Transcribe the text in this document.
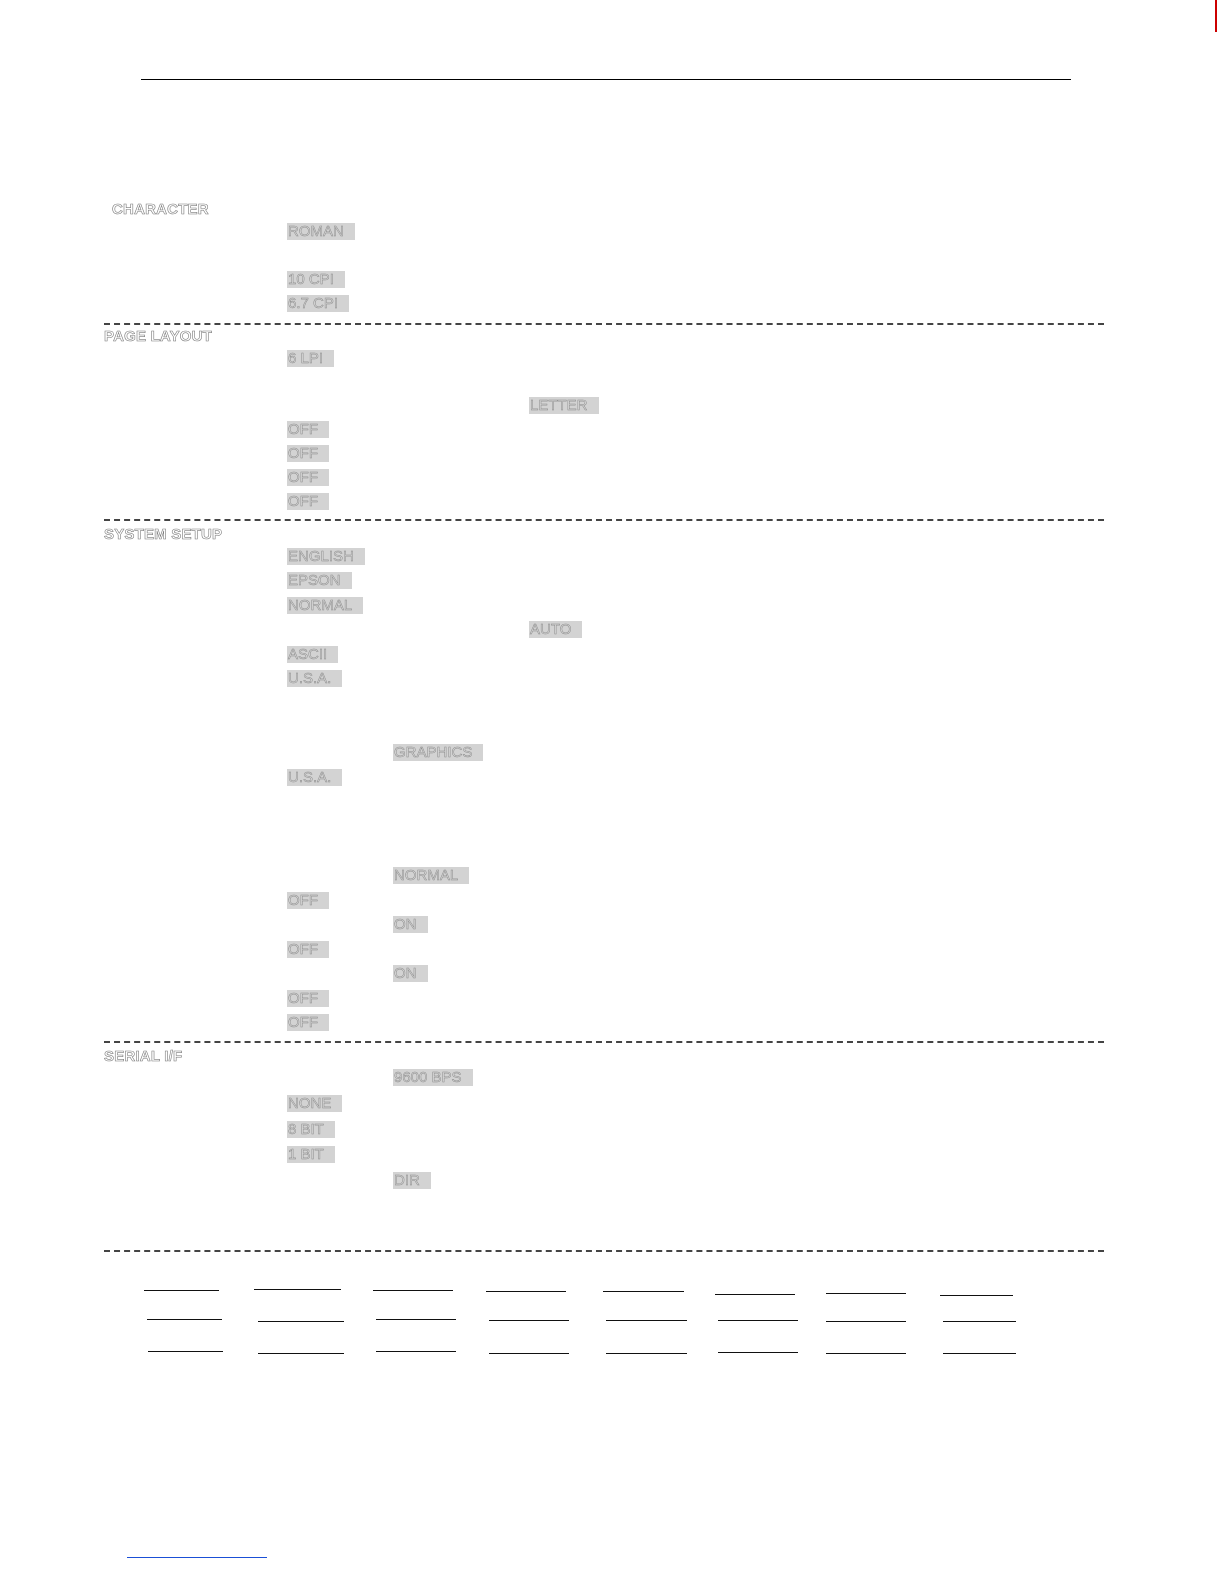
CHARACTER
ROMAN
10 CPI
6.7 CPI
PAGE LAYOUT
6 LPI
LETTER
OFF
OFF
OFF
OFF
SYSTEM SETUP
ENGLISH
EPSON
NORMAL
AUTO
ASCII
U.S.A.
GRAPHICS
U.S.A.
NORMAL
OFF
ON
OFF
ON
OFF
OFF
SERIAL I/F
9600 BPS
NONE
8 BIT
1 BIT
DIR
